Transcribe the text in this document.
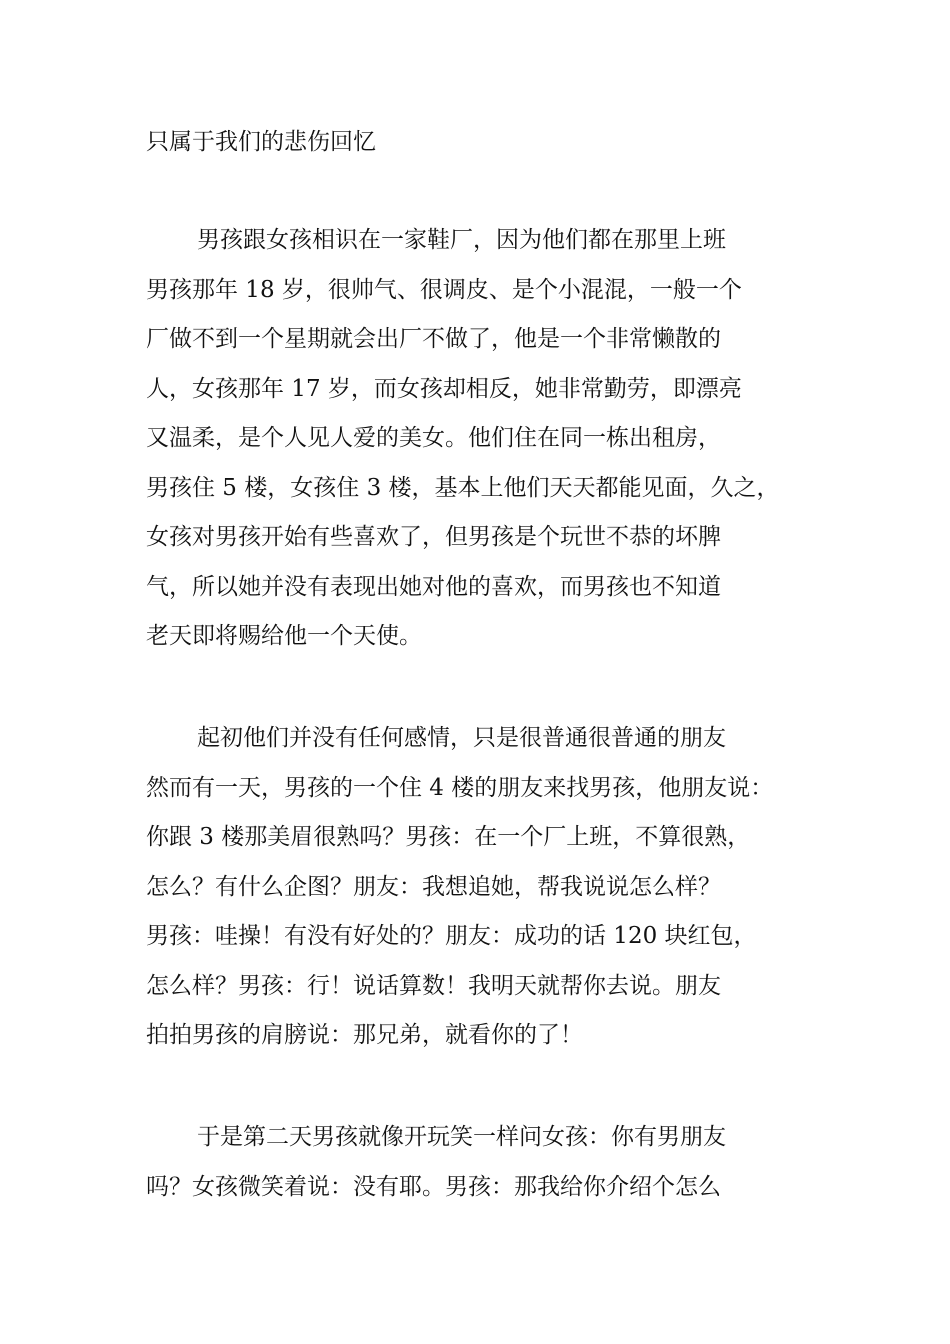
只属于我们的悲伤回忆
男孩跟女孩相识在一家鞋厂，因为他们都在那里上班
男孩那年 18 岁，很帅气、很调皮、是个小混混，一般一个
厂做不到一个星期就会出厂不做了，他是一个非常懒散的
人，女孩那年 17 岁，而女孩却相反，她非常勤劳，即漂亮
又温柔，是个人见人爱的美女。他们住在同一栋出租房，
男孩住 5 楼，女孩住 3 楼，基本上他们天天都能见面，久之，
女孩对男孩开始有些喜欢了，但男孩是个玩世不恭的坏脾
气，所以她并没有表现出她对他的喜欢，而男孩也不知道
老天即将赐给他一个天使。
起初他们并没有任何感情，只是很普通很普通的朋友
然而有一天，男孩的一个住 4 楼的朋友来找男孩，他朋友说：
你跟 3 楼那美眉很熟吗？男孩：在一个厂上班，不算很熟，
怎么？有什么企图？朋友：我想追她，帮我说说怎么样？
男孩：哇操！有没有好处的？朋友：成功的话 120 块红包，
怎么样？男孩：行！说话算数！我明天就帮你去说。朋友
拍拍男孩的肩膀说：那兄弟，就看你的了！
于是第二天男孩就像开玩笑一样问女孩：你有男朋友
吗？女孩微笑着说：没有耶。男孩：那我给你介绍个怎么
